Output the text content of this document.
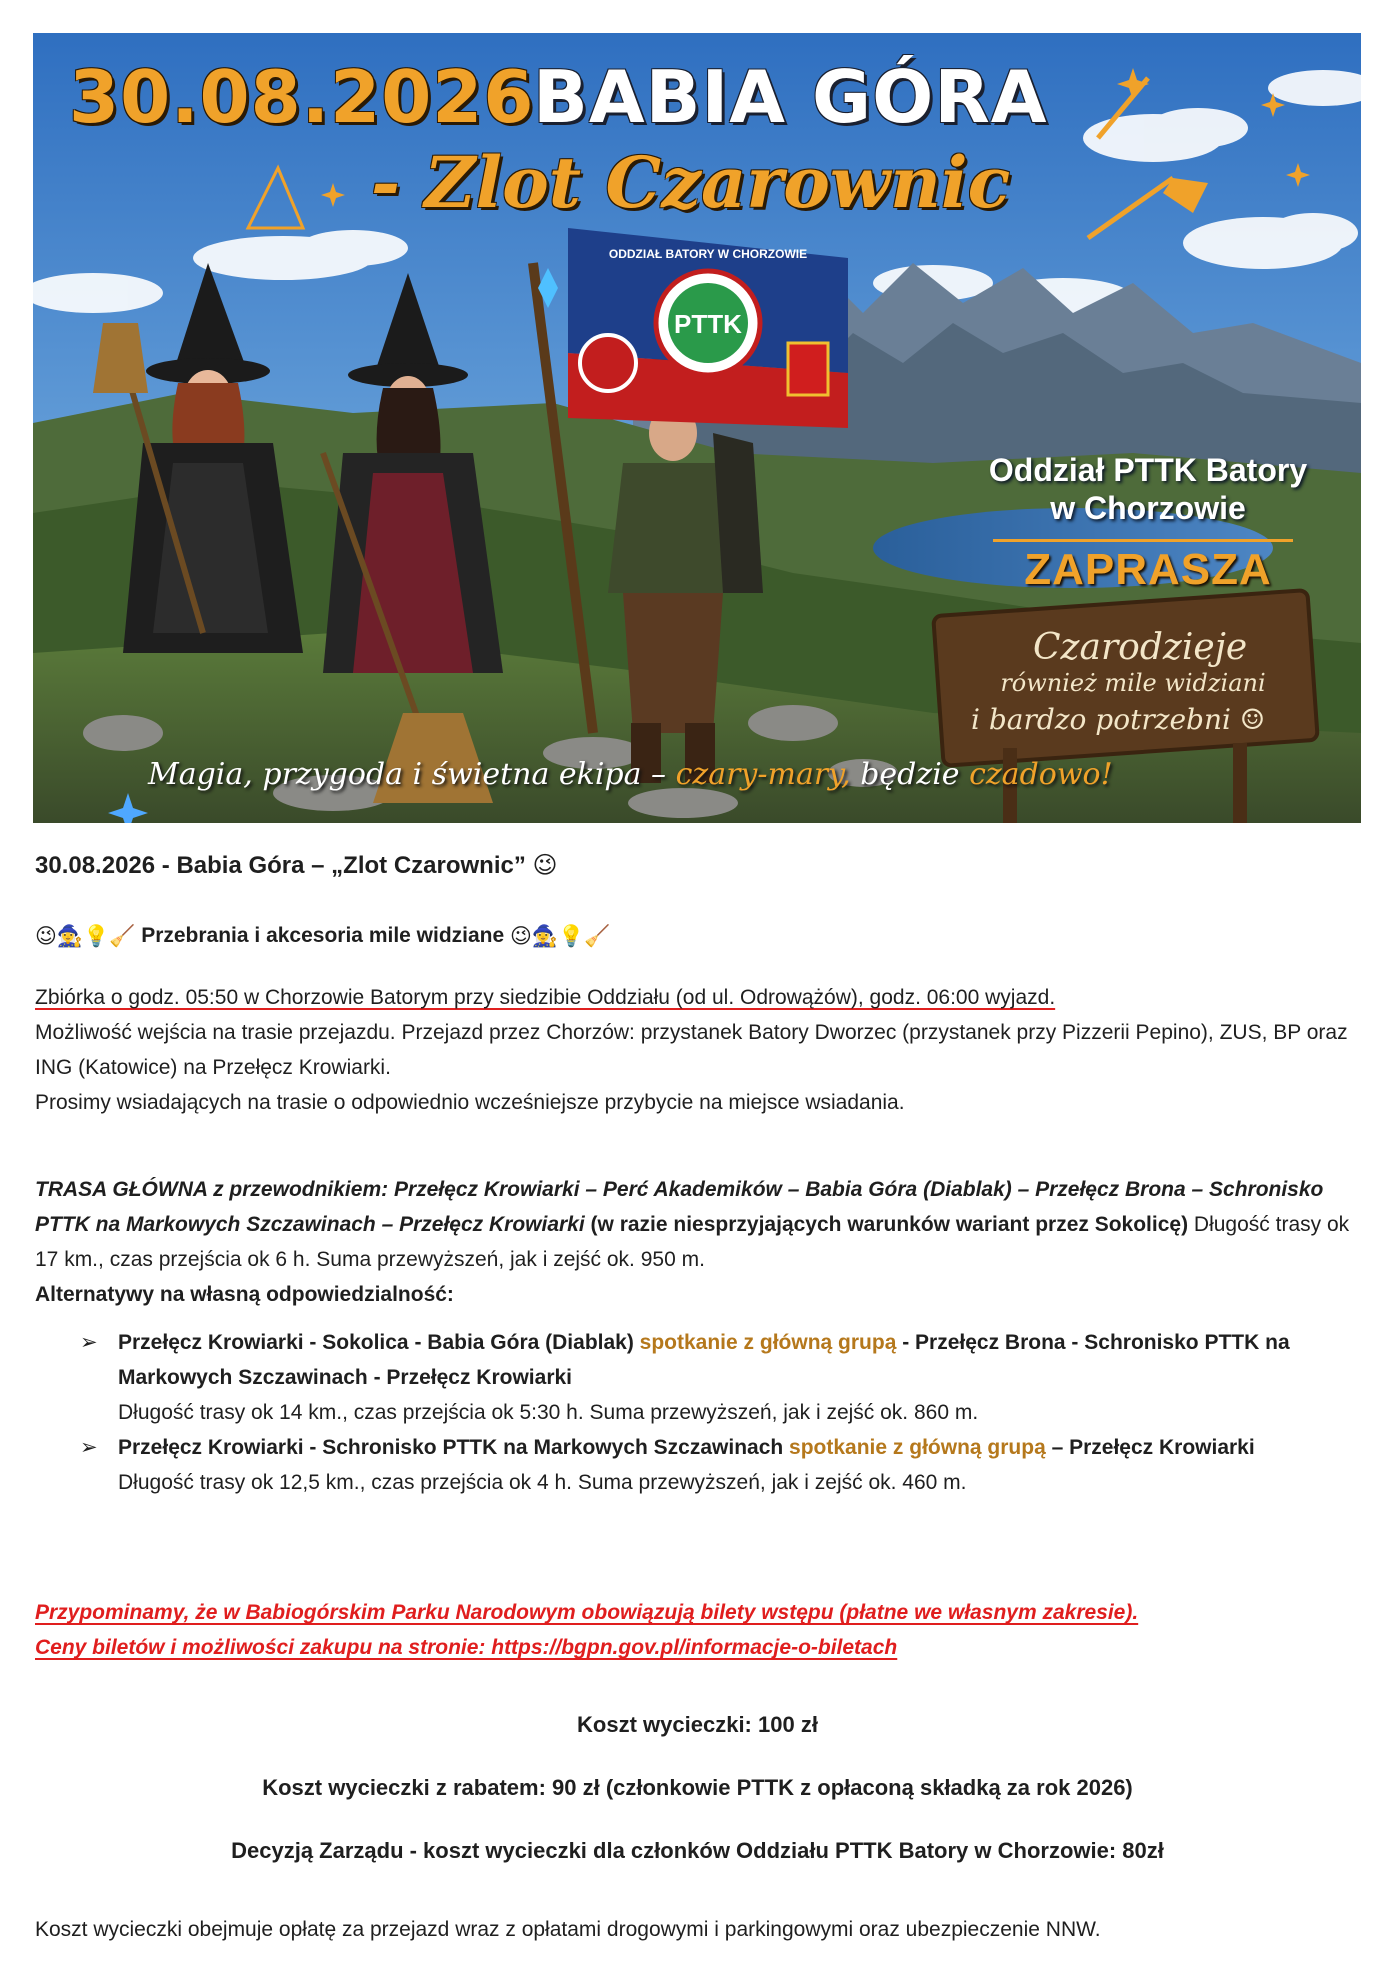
PTTK
ODDZIAŁ BATORY W CHORZOWIE
30.08.2026
BABIA GÓRA
- Zlot Czarownic
Oddział PTTK Batory
w Chorzowie
ZAPRASZA
Czarodzieje
również mile widziani
i bardzo potrzebni ☺
Magia, przygoda i świetna ekipa – czary-mary, będzie czadowo!
30.08.2026 - Babia Góra – „Zlot Czarownic” 😉
😉🧙‍♀️💡🧹 Przebrania i akcesoria mile widziane 😉🧙‍♀️💡🧹
Zbiórka o godz. 05:50 w Chorzowie Batorym przy siedzibie Oddziału (od ul. Odrowążów), godz. 06:00 wyjazd.
Możliwość wejścia na trasie przejazdu. Przejazd przez Chorzów: przystanek Batory Dworzec (przystanek przy Pizzerii Pepino), ZUS, BP oraz ING (Katowice) na Przełęcz Krowiarki.
Prosimy wsiadających na trasie o odpowiednio wcześniejsze przybycie na miejsce wsiadania.
TRASA GŁÓWNA z przewodnikiem: Przełęcz Krowiarki – Perć Akademików – Babia Góra (Diablak) – Przełęcz Brona – Schronisko PTTK na Markowych Szczawinach – Przełęcz Krowiarki (w razie niesprzyjających warunków wariant przez Sokolicę) Długość trasy ok 17 km., czas przejścia ok 6 h. Suma przewyższeń, jak i zejść ok. 950 m.
Alternatywy na własną odpowiedzialność:
➢ Przełęcz Krowiarki - Sokolica - Babia Góra (Diablak) spotkanie z główną grupą - Przełęcz Brona - Schronisko PTTK na Markowych Szczawinach - Przełęcz Krowiarki
Długość trasy ok 14 km., czas przejścia ok 5:30 h. Suma przewyższeń, jak i zejść ok. 860 m.
➢ Przełęcz Krowiarki - Schronisko PTTK na Markowych Szczawinach spotkanie z główną grupą – Przełęcz Krowiarki
Długość trasy ok 12,5 km., czas przejścia ok 4 h. Suma przewyższeń, jak i zejść ok. 460 m.
Przypominamy, że w Babiogórskim Parku Narodowym obowiązują bilety wstępu (płatne we własnym zakresie).
Ceny biletów i możliwości zakupu na stronie: https://bgpn.gov.pl/informacje-o-biletach
Koszt wycieczki: 100 zł
Koszt wycieczki z rabatem: 90 zł (członkowie PTTK z opłaconą składką za rok 2026)
Decyzją Zarządu - koszt wycieczki dla członków Oddziału PTTK Batory w Chorzowie: 80zł
Koszt wycieczki obejmuje opłatę za przejazd wraz z opłatami drogowymi i parkingowymi oraz ubezpieczenie NNW.
